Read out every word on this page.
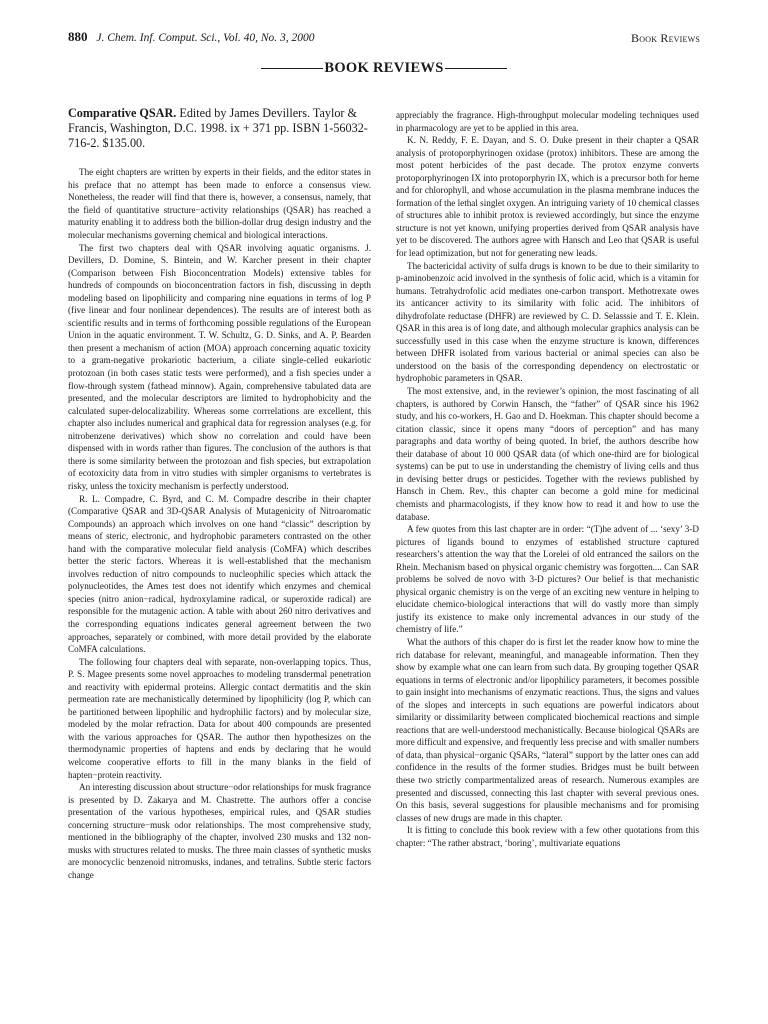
880 J. Chem. Inf. Comput. Sci., Vol. 40, No. 3, 2000	Book Reviews
BOOK REVIEWS
Comparative QSAR. Edited by James Devillers. Taylor & Francis, Washington, D.C. 1998. ix + 371 pp. ISBN 1-56032-716-2. $135.00.

The eight chapters are written by experts in their fields, and the editor states in his preface that no attempt has been made to enforce a consensus view. Nonetheless, the reader will find that there is, however, a consensus, namely, that the field of quantitative structure−activity relationships (QSAR) has reached a maturity enabling it to address both the billion-dollar drug design industry and the molecular mechanisms governing chemical and biological interactions.

The first two chapters deal with QSAR involving aquatic organisms. J. Devillers, D. Domine, S. Bintein, and W. Karcher present in their chapter (Comparison between Fish Bioconcentration Models) extensive tables for hundreds of compounds on bioconcentration factors in fish, discussing in depth modeling based on lipophilicity and comparing nine equations in terms of log P (five linear and four nonlinear dependences). The results are of interest both as scientific results and in terms of forthcoming possible regulations of the European Union in the aquatic environment. T. W. Schultz, G. D. Sinks, and A. P. Bearden then present a mechanism of action (MOA) approach concerning aquatic toxicity to a gram-negative prokariotic bacterium, a ciliate single-celled eukariotic protozoan (in both cases static tests were performed), and a fish species under a flow-through system (fathead minnow). Again, comprehensive tabulated data are presented, and the molecular descriptors are limited to hydrophobicity and the calculated super-delocalizability. Whereas some corrrelations are excellent, this chapter also includes numerical and graphical data for regression analyses (e.g. for nitrobenzene derivatives) which show no correlation and could have been dispensed with in words rather than figures. The conclusion of the authors is that there is some similarity between the protozoan and fish species, but extrapolation of ecotoxicity data from in vitro studies with simpler organisms to vertebrates is risky, unless the toxicity mechanism is perfectly understood.

R. L. Compadre, C. Byrd, and C. M. Compadre describe in their chapter (Comparative QSAR and 3D-QSAR Analysis of Mutagenicity of Nitroaromatic Compounds) an approach which involves on one hand “classic” description by means of steric, electronic, and hydrophobic parameters contrasted on the other hand with the comparative molecular field analysis (CoMFA) which describes better the steric factors. Whereas it is well-established that the mechanism involves reduction of nitro compounds to nucleophilic species which attack the polynucleotides, the Ames test does not identify which enzymes and chemical species (nitro anion−radical, hydroxylamine radical, or superoxide radical) are responsible for the mutagenic action. A table with about 260 nitro derivatives and the corresponding equations indicates general agreement between the two approaches, separately or combined, with more detail provided by the elaborate CoMFA calculations.

The following four chapters deal with separate, non-overlapping topics. Thus, P. S. Magee presents some novel approaches to modeling transdermal penetration and reactivity with epidermal proteins. Allergic contact dermatitis and the skin permeation rate are mechanistically determined by lipophilicity (log P, which can be partitioned between lipophilic and hydrophilic factors) and by molecular size, modeled by the molar refraction. Data for about 400 compounds are presented with the various approaches for QSAR. The author then hypothesizes on the thermodynamic properties of haptens and ends by declaring that he would welcome cooperative efforts to fill in the many blanks in the field of hapten−protein reactivity.

An interesting discussion about structure−odor relationships for musk fragrance is presented by D. Zakarya and M. Chastrette. The authors offer a concise presentation of the various hypotheses, empirical rules, and QSAR studies concerning structure−musk odor relationships. The most comprehensive study, mentioned in the bibliography of the chapter, involved 230 musks and 132 non-musks with structures related to musks. The three main classes of synthetic musks are monocyclic benzenoid nitromusks, indanes, and tetralins. Subtle steric factors change

appreciably the fragrance. High-throughput molecular modeling techniques used in pharmacology are yet to be applied in this area.

K. N. Reddy, F. E. Dayan, and S. O. Duke present in their chapter a QSAR analysis of protoporphyrinogen oxidase (protox) inhibitors. These are among the most potent herbicides of the past decade. The protox enzyme converts protoporphyrinogen IX into protoporphyrin IX, which is a precursor both for heme and for chlorophyll, and whose accumulation in the plasma membrane induces the formation of the lethal singlet oxygen. An intriguing variety of 10 chemical classes of structures able to inhibit protox is reviewed accordingly, but since the enzyme structure is not yet known, unifying properties derived from QSAR analysis have yet to be discovered. The authors agree with Hansch and Leo that QSAR is useful for lead optimization, but not for generating new leads.

The bactericidal activity of sulfa drugs is known to be due to their similarity to p-aminobenzoic acid involved in the synthesis of folic acid, which is a vitamin for humans. Tetrahydrofolic acid mediates one-carbon transport. Methotrexate owes its anticancer activity to its similarity with folic acid. The inhibitors of dihydrofolate reductase (DHFR) are reviewed by C. D. Selasssie and T. E. Klein. QSAR in this area is of long date, and although molecular graphics analysis can be successfully used in this case when the enzyme structure is known, differences between DHFR isolated from various bacterial or animal species can also be understood on the basis of the corresponding dependency on electrostatic or hydrophobic parameters in QSAR.

The most extensive, and, in the reviewer’s opinion, the most fascinating of all chapters, is authored by Corwin Hansch, the “father” of QSAR since his 1962 study, and his co-workers, H. Gao and D. Hoekman. This chapter should become a citation classic, since it opens many “doors of perception” and has many paragraphs and data worthy of being quoted. In brief, the authors describe how their database of about 10 000 QSAR data (of which one-third are for biological systems) can be put to use in understanding the chemistry of living cells and thus in devising better drugs or pesticides. Together with the reviews published by Hansch in Chem. Rev., this chapter can become a gold mine for medicinal chemists and pharmacologists, if they know how to read it and how to use the database.

A few quotes from this last chapter are in order: “(T)he advent of ... ‘sexy’ 3-D pictures of ligands bound to enzymes of established structure captured researchers’s attention the way that the Lorelei of old entranced the sailors on the Rhein. Mechanism based on physical organic chemistry was forgotten.... Can SAR problems be solved de novo with 3-D pictures? Our belief is that mechanistic physical organic chemistry is on the verge of an exciting new venture in helping to elucidate chemico-biological interactions that will do vastly more than simply justify its existence to make only incremental advances in our study of the chemistry of life.”

What the authors of this chaper do is first let the reader know how to mine the rich database for relevant, meaningful, and manageable information. Then they show by example what one can learn from such data. By grouping together QSAR equations in terms of electronic and/or lipophilicy parameters, it becomes possible to gain insight into mechanisms of enzymatic reactions. Thus, the signs and values of the slopes and intercepts in such equations are powerful indicators about similarity or dissimilarity between complicated biochemical reactions and simple reactions that are well-understood mechanistically. Because biological QSARs are more difficult and expensive, and frequently less precise and with smaller numbers of data, than physical−organic QSARs, “lateral” support by the latter ones can add confidence in the results of the former studies. Bridges must be built between these two strictly compartmentalized areas of research. Numerous examples are presented and discussed, connecting this last chapter with several previous ones. On this basis, several suggestions for plausible mechanisms and for promising classes of new drugs are made in this chapter.

It is fitting to conclude this book review with a few other quotations from this chapter: “The rather abstract, ‘boring’, multivariate equations
